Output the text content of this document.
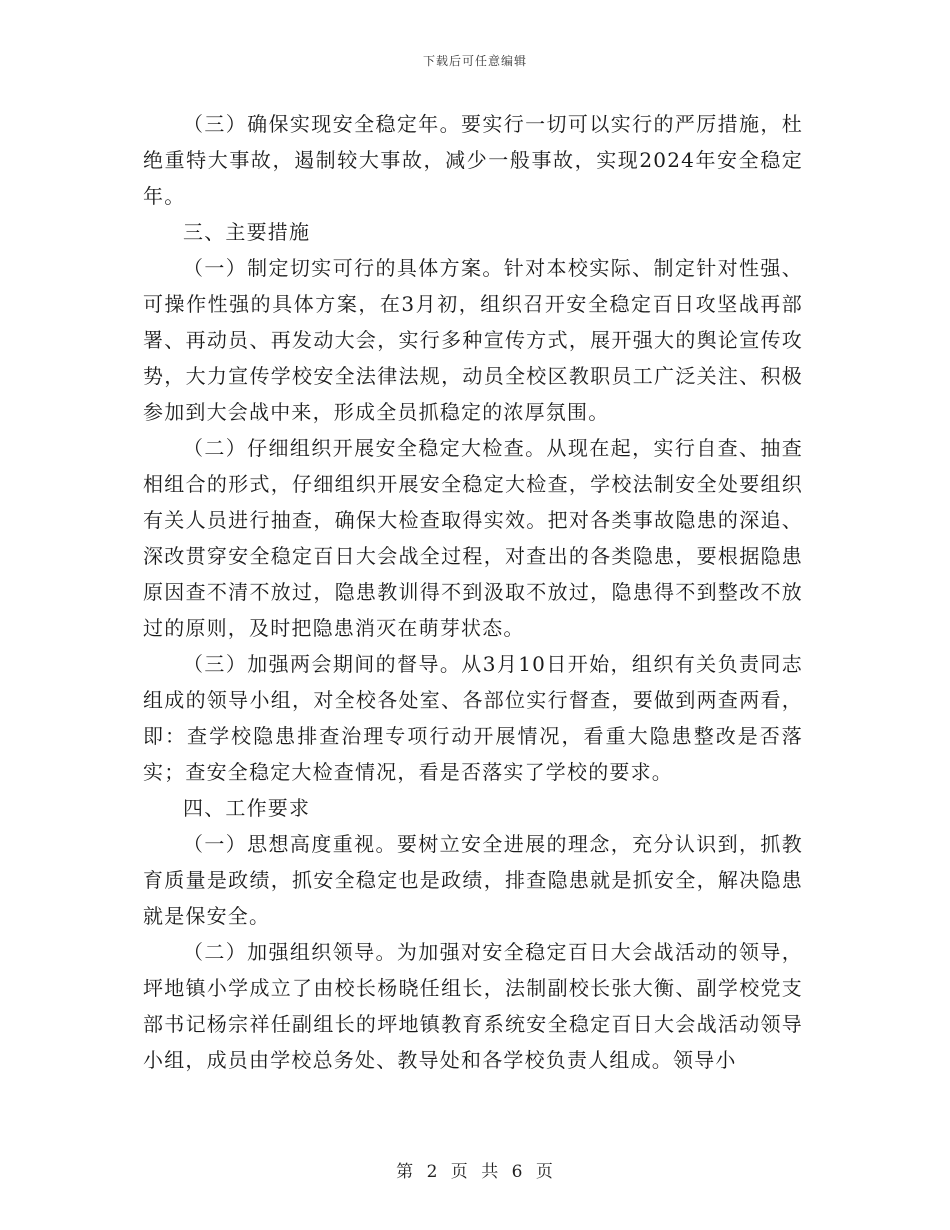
下载后可任意编辑

（三）确保实现安全稳定年。要实行一切可以实行的严厉措施，杜绝重特大事故，遏制较大事故，减少一般事故，实现2024年安全稳定年。

三、主要措施

（一）制定切实可行的具体方案。针对本校实际、制定针对性强、可操作性强的具体方案，在3月初，组织召开安全稳定百日攻坚战再部署、再动员、再发动大会，实行多种宣传方式，展开强大的舆论宣传攻势，大力宣传学校安全法律法规，动员全校区教职员工广泛关注、积极参加到大会战中来，形成全员抓稳定的浓厚氛围。

（二）仔细组织开展安全稳定大检查。从现在起，实行自查、抽查相组合的形式，仔细组织开展安全稳定大检查，学校法制安全处要组织有关人员进行抽查，确保大检查取得实效。把对各类事故隐患的深追、深改贯穿安全稳定百日大会战全过程，对查出的各类隐患，要根据隐患原因查不清不放过，隐患教训得不到汲取不放过，隐患得不到整改不放过的原则，及时把隐患消灭在萌芽状态。

（三）加强两会期间的督导。从3月10日开始，组织有关负责同志组成的领导小组，对全校各处室、各部位实行督查，要做到两查两看，即：查学校隐患排查治理专项行动开展情况，看重大隐患整改是否落实；查安全稳定大检查情况，看是否落实了学校的要求。

四、工作要求

（一）思想高度重视。要树立安全进展的理念，充分认识到，抓教育质量是政绩，抓安全稳定也是政绩，排查隐患就是抓安全，解决隐患就是保安全。

（二）加强组织领导。为加强对安全稳定百日大会战活动的领导，坪地镇小学成立了由校长杨晓任组长，法制副校长张大衡、副学校党支部书记杨宗祥任副组长的坪地镇教育系统安全稳定百日大会战活动领导小组，成员由学校总务处、教导处和各学校负责人组成。领导小

第 2 页 共 6 页
